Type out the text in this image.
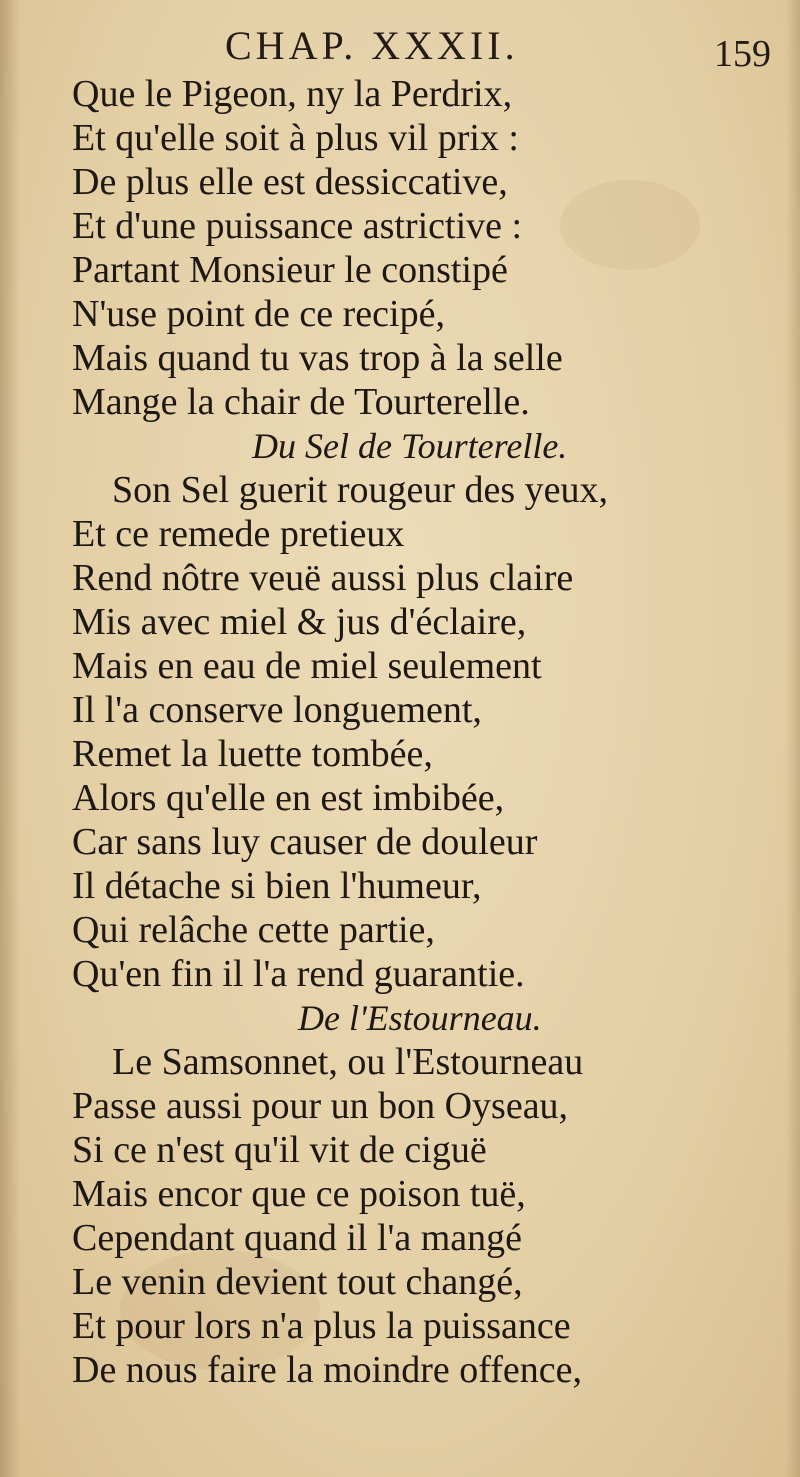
CHAP. XXXII.	159
Que le Pigeon, ny la Perdrix,
Et qu'elle soit à plus vil prix :
De plus elle est dessiccative,
Et d'une puissance astrictive :
Partant Monsieur le constipé
N'use point de ce recipé,
Mais quand tu vas trop à la selle
Mange la chair de Tourterelle.
Du Sel de Tourterelle.
Son Sel guerit rougeur des yeux,
Et ce remede pretieux
Rend nôtre veuë aussi plus claire
Mis avec miel & jus d'éclaire,
Mais en eau de miel seulement
Il l'a conserve longuement,
Remet la luette tombée,
Alors qu'elle en est imbibée,
Car sans luy causer de douleur
Il détache si bien l'humeur,
Qui relâche cette partie,
Qu'en fin il l'a rend guarantie.
De l'Estourneau.
Le Samsonnet, ou l'Estourneau
Passe aussi pour un bon Oyseau,
Si ce n'est qu'il vit de ciguë
Mais encor que ce poison tuë,
Cependant quand il l'a mangé
Le venin devient tout changé,
Et pour lors n'a plus la puissance
De nous faire la moindre offence,
